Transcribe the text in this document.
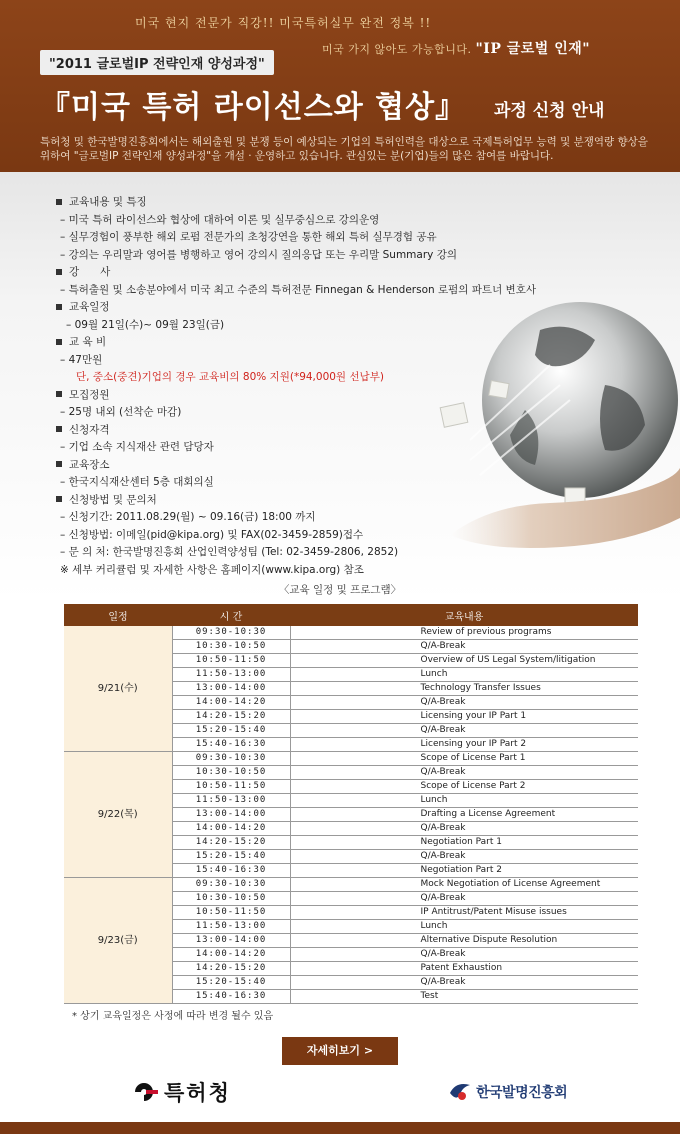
미국 현지 전문가 직강!! 미국특허실무 완전 정복 !!
미국 가지 않아도 가능합니다. "IP 글로벌 인재"
"2011 글로벌IP 전략인재 양성과정"
『미국 특허 라이선스와 협상』 과정 신청 안내
특허청 및 한국발명진흥회에서는 해외출원 및 분쟁 등이 예상되는 기업의 특허인력을 대상으로 국제특허업무 능력 및 분쟁역량 향상을 위하여 "글로벌IP 전략인재 양성과정"을 개설 · 운영하고 있습니다. 관심있는 분(기업)들의 많은 참여를 바랍니다.
교육내용 및 특징
– 미국 특허 라이선스와 협상에 대하여 이론 및 실무중심으로 강의운영
– 실무경험이 풍부한 해외 로펌 전문가의 초청강연을 통한 해외 특허 실무경험 공유
– 강의는 우리말과 영어를 병행하고 영어 강의시 질의응답 또는 우리말 Summary 강의
강　　사
– 특허출원 및 소송분야에서 미국 최고 수준의 특허전문 Finnegan & Henderson 로펌의 파트너 변호사
교육일정
– 09월 21일(수)~ 09월 23일(금)
교 육 비
– 47만원
단, 중소(중견)기업의 경우 교육비의 80% 지원(*94,000원 선납부)
모집정원
– 25명 내외 (선착순 마감)
신청자격
– 기업 소속 지식재산 관련 담당자
교육장소
– 한국지식재산센터 5층 대회의실
신청방법 및 문의처
– 신청기간: 2011.08.29(월) ~ 09.16(금) 18:00 까지
– 신청방법: 이메일(pid@kipa.org) 및 FAX(02-3459-2859)접수
– 문 의 처: 한국발명진흥회 산업인력양성팀 (Tel: 02-3459-2806, 2852)
※ 세부 커리큘럼 및 자세한 사항은 홈페이지(www.kipa.org) 참조
〈교육 일정 및 프로그램〉
일정	시 간	교육내용
9/21(수)	09:30-10:30	Review of previous programs
	10:30-10:50	Q/A-Break
	10:50-11:50	Overview of US Legal System/litigation
	11:50-13:00	Lunch
	13:00-14:00	Technology Transfer Issues
	14:00-14:20	Q/A-Break
	14:20-15:20	Licensing your IP Part 1
	15:20-15:40	Q/A-Break
	15:40-16:30	Licensing your IP Part 2
9/22(목)	09:30-10:30	Scope of License Part 1
	10:30-10:50	Q/A-Break
	10:50-11:50	Scope of License Part 2
	11:50-13:00	Lunch
	13:00-14:00	Drafting a License Agreement
	14:00-14:20	Q/A-Break
	14:20-15:20	Negotiation Part 1
	15:20-15:40	Q/A-Break
	15:40-16:30	Negotiation Part 2
9/23(금)	09:30-10:30	Mock Negotiation of License Agreement
	10:30-10:50	Q/A-Break
	10:50-11:50	IP Antitrust/Patent Misuse issues
	11:50-13:00	Lunch
	13:00-14:00	Alternative Dispute Resolution
	14:00-14:20	Q/A-Break
	14:20-15:20	Patent Exhaustion
	15:20-15:40	Q/A-Break
	15:40-16:30	Test
* 상기 교육일정은 사정에 따라 변경 될수 있음
자세히보기 >
특허청	한국발명진흥회
